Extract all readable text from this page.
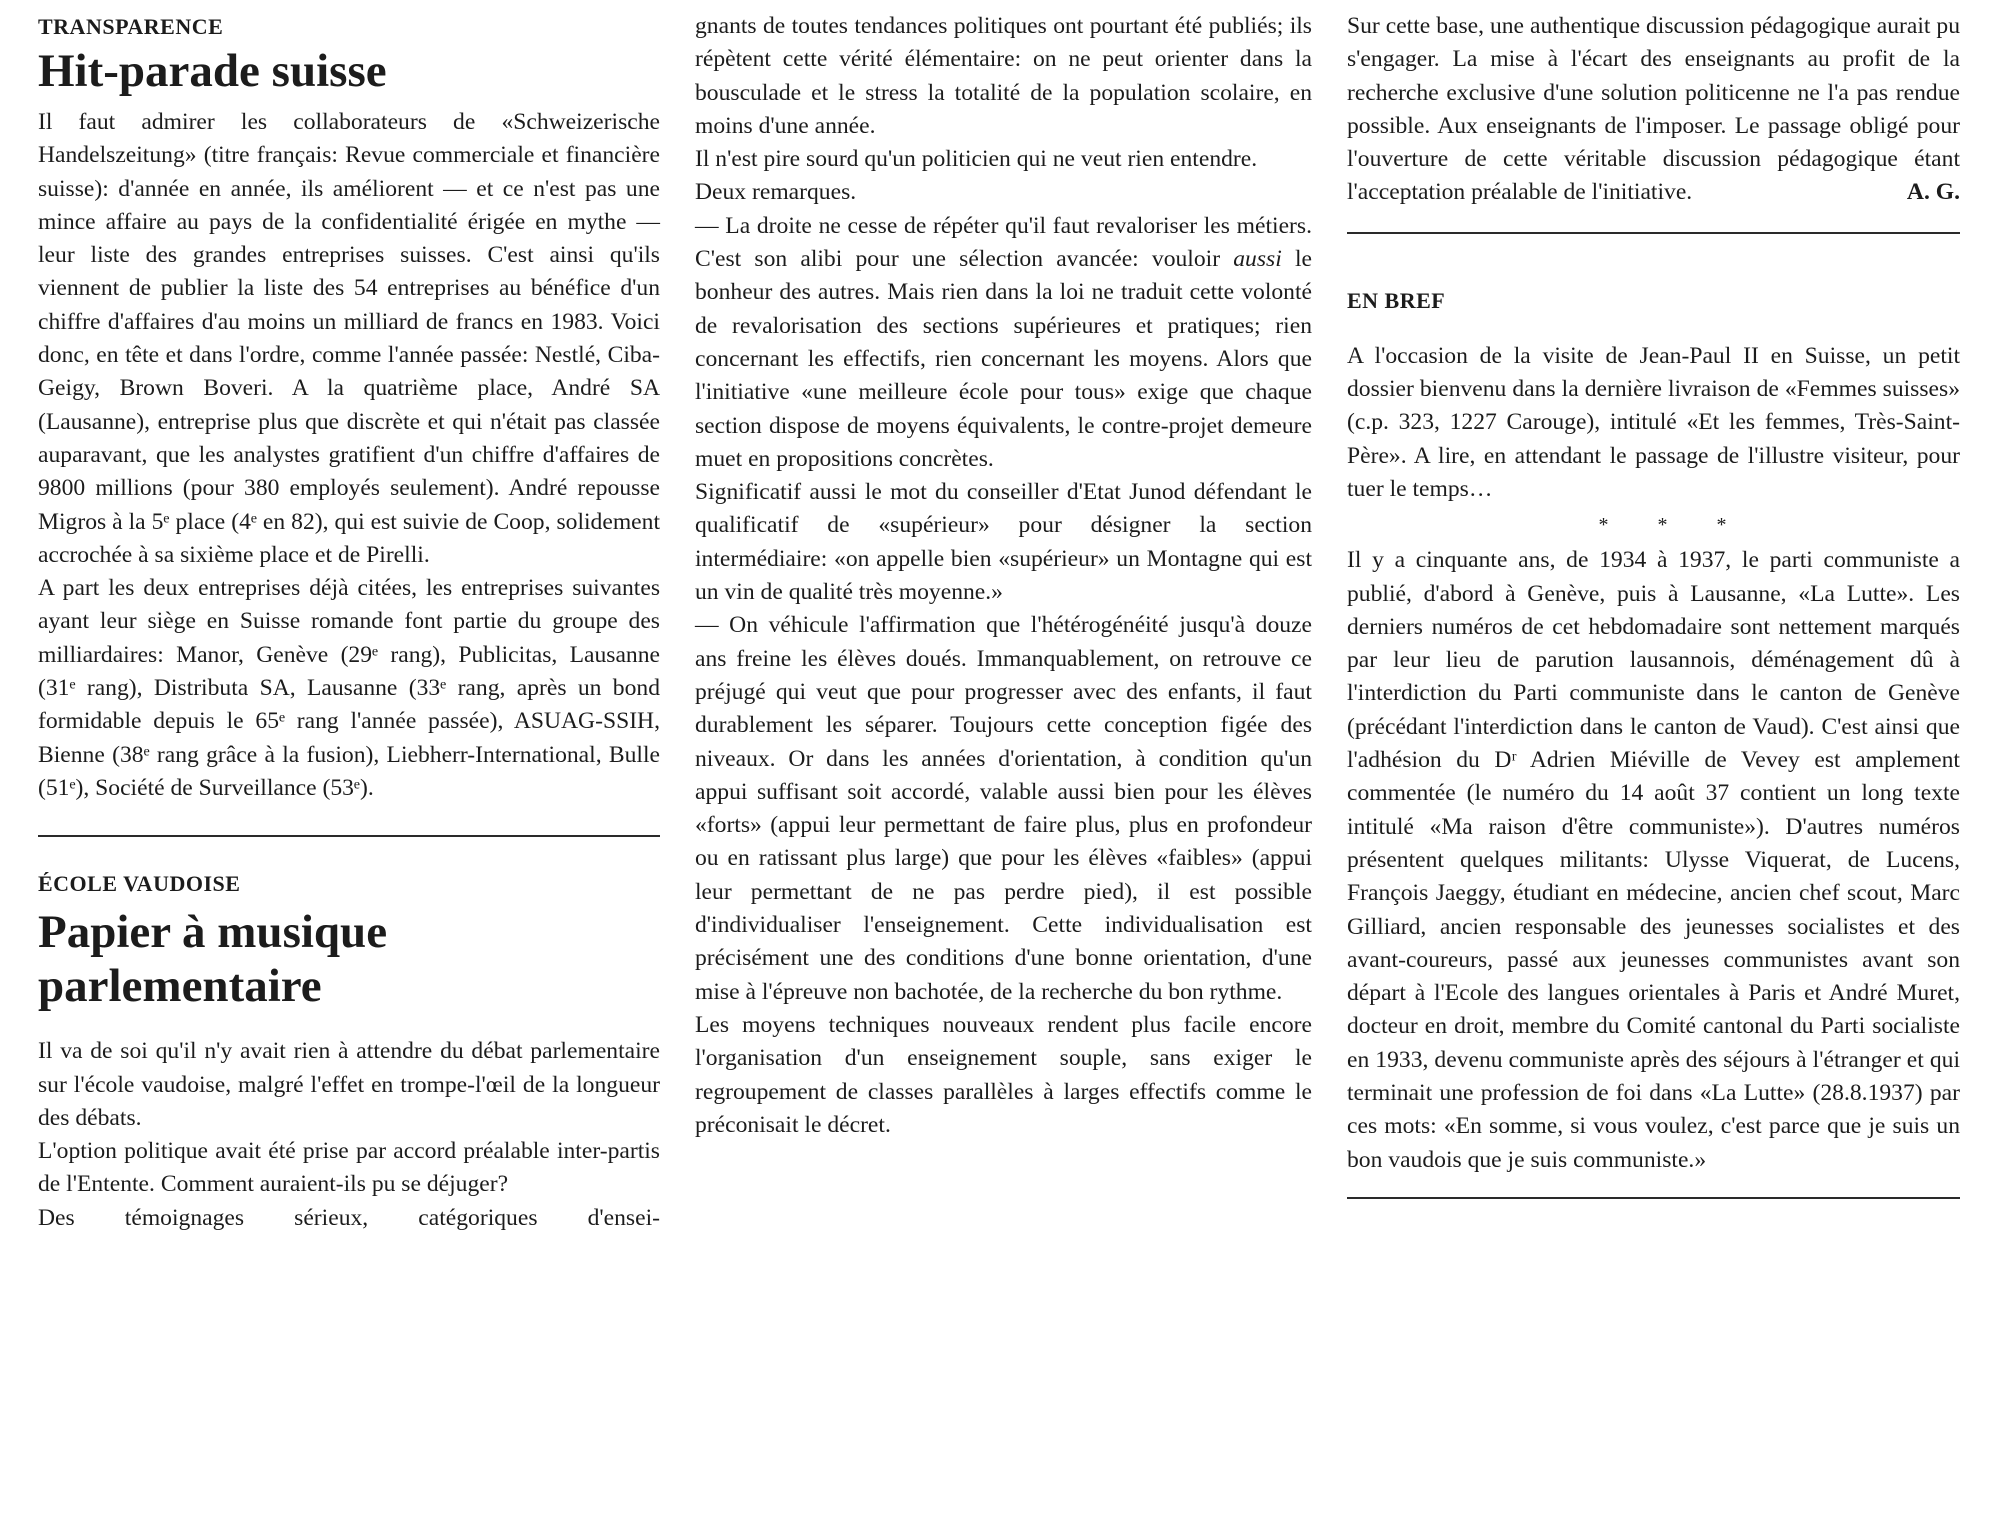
TRANSPARENCE
Hit-parade suisse

Il faut admirer les collaborateurs de «Schweizerische Handelszeitung» (titre français: Revue commerciale et financière suisse): d'année en année, ils améliorent — et ce n'est pas une mince affaire au pays de la confidentialité érigée en mythe — leur liste des grandes entreprises suisses. C'est ainsi qu'ils viennent de publier la liste des 54 entreprises au bénéfice d'un chiffre d'affaires d'au moins un milliard de francs en 1983. Voici donc, en tête et dans l'ordre, comme l'année passée: Nestlé, Ciba-Geigy, Brown Boveri. A la quatrième place, André SA (Lausanne), entreprise plus que discrète et qui n'était pas classée auparavant, que les analystes gratifient d'un chiffre d'affaires de 9800 millions (pour 380 employés seulement). André repousse Migros à la 5ᵉ place (4ᵉ en 82), qui est suivie de Coop, solidement accrochée à sa sixième place et de Pirelli.

A part les deux entreprises déjà citées, les entreprises suivantes ayant leur siège en Suisse romande font partie du groupe des milliardaires: Manor, Genève (29ᵉ rang), Publicitas, Lausanne (31ᵉ rang), Distributa SA, Lausanne (33ᵉ rang, après un bond formidable depuis le 65ᵉ rang l'année passée), ASUAG-SSIH, Bienne (38ᵉ rang grâce à la fusion), Liebherr-International, Bulle (51ᵉ), Société de Surveillance (53ᵉ).

ÉCOLE VAUDOISE
Papier à musique
parlementaire

Il va de soi qu'il n'y avait rien à attendre du débat parlementaire sur l'école vaudoise, malgré l'effet en trompe-l'œil de la longueur des débats.

L'option politique avait été prise par accord préalable inter-partis de l'Entente. Comment auraient-ils pu se déjuger?

Des témoignages sérieux, catégoriques d'ensei-

gnants de toutes tendances politiques ont pourtant été publiés; ils répètent cette vérité élémentaire: on ne peut orienter dans la bousculade et le stress la totalité de la population scolaire, en moins d'une année.

Il n'est pire sourd qu'un politicien qui ne veut rien entendre.

Deux remarques.

— La droite ne cesse de répéter qu'il faut revaloriser les métiers. C'est son alibi pour une sélection avancée: vouloir aussi le bonheur des autres. Mais rien dans la loi ne traduit cette volonté de revalorisation des sections supérieures et pratiques; rien concernant les effectifs, rien concernant les moyens. Alors que l'initiative «une meilleure école pour tous» exige que chaque section dispose de moyens équivalents, le contre-projet demeure muet en propositions concrètes.

Significatif aussi le mot du conseiller d'Etat Junod défendant le qualificatif de «supérieur» pour désigner la section intermédiaire: «on appelle bien «supérieur» un Montagne qui est un vin de qualité très moyenne.»

— On véhicule l'affirmation que l'hétérogénéité jusqu'à douze ans freine les élèves doués. Immanquablement, on retrouve ce préjugé qui veut que pour progresser avec des enfants, il faut durablement les séparer. Toujours cette conception figée des niveaux. Or dans les années d'orientation, à condition qu'un appui suffisant soit accordé, valable aussi bien pour les élèves «forts» (appui leur permettant de faire plus, plus en profondeur ou en ratissant plus large) que pour les élèves «faibles» (appui leur permettant de ne pas perdre pied), il est possible d'individualiser l'enseignement. Cette individualisation est précisément une des conditions d'une bonne orientation, d'une mise à l'épreuve non bachotée, de la recherche du bon rythme.

Les moyens techniques nouveaux rendent plus facile encore l'organisation d'un enseignement souple, sans exiger le regroupement de classes parallèles à larges effectifs comme le préconisait le décret.

Sur cette base, une authentique discussion pédagogique aurait pu s'engager. La mise à l'écart des enseignants au profit de la recherche exclusive d'une solution politicenne ne l'a pas rendue possible. Aux enseignants de l'imposer. Le passage obligé pour l'ouverture de cette véritable discussion pédagogique étant l'acceptation préalable de l'initiative.	A. G.

EN BREF

A l'occasion de la visite de Jean-Paul II en Suisse, un petit dossier bienvenu dans la dernière livraison de «Femmes suisses» (c.p. 323, 1227 Carouge), intitulé «Et les femmes, Très-Saint-Père». A lire, en attendant le passage de l'illustre visiteur, pour tuer le temps…

* * *

Il y a cinquante ans, de 1934 à 1937, le parti communiste a publié, d'abord à Genève, puis à Lausanne, «La Lutte». Les derniers numéros de cet hebdomadaire sont nettement marqués par leur lieu de parution lausannois, déménagement dû à l'interdiction du Parti communiste dans le canton de Genève (précédant l'interdiction dans le canton de Vaud). C'est ainsi que l'adhésion du Dʳ Adrien Miéville de Vevey est amplement commentée (le numéro du 14 août 37 contient un long texte intitulé «Ma raison d'être communiste»). D'autres numéros présentent quelques militants: Ulysse Viquerat, de Lucens, François Jaeggy, étudiant en médecine, ancien chef scout, Marc Gilliard, ancien responsable des jeunesses socialistes et des avant-coureurs, passé aux jeunesses communistes avant son départ à l'Ecole des langues orientales à Paris et André Muret, docteur en droit, membre du Comité cantonal du Parti socialiste en 1933, devenu communiste après des séjours à l'étranger et qui terminait une profession de foi dans «La Lutte» (28.8.1937) par ces mots: «En somme, si vous voulez, c'est parce que je suis un bon vaudois que je suis communiste.»
